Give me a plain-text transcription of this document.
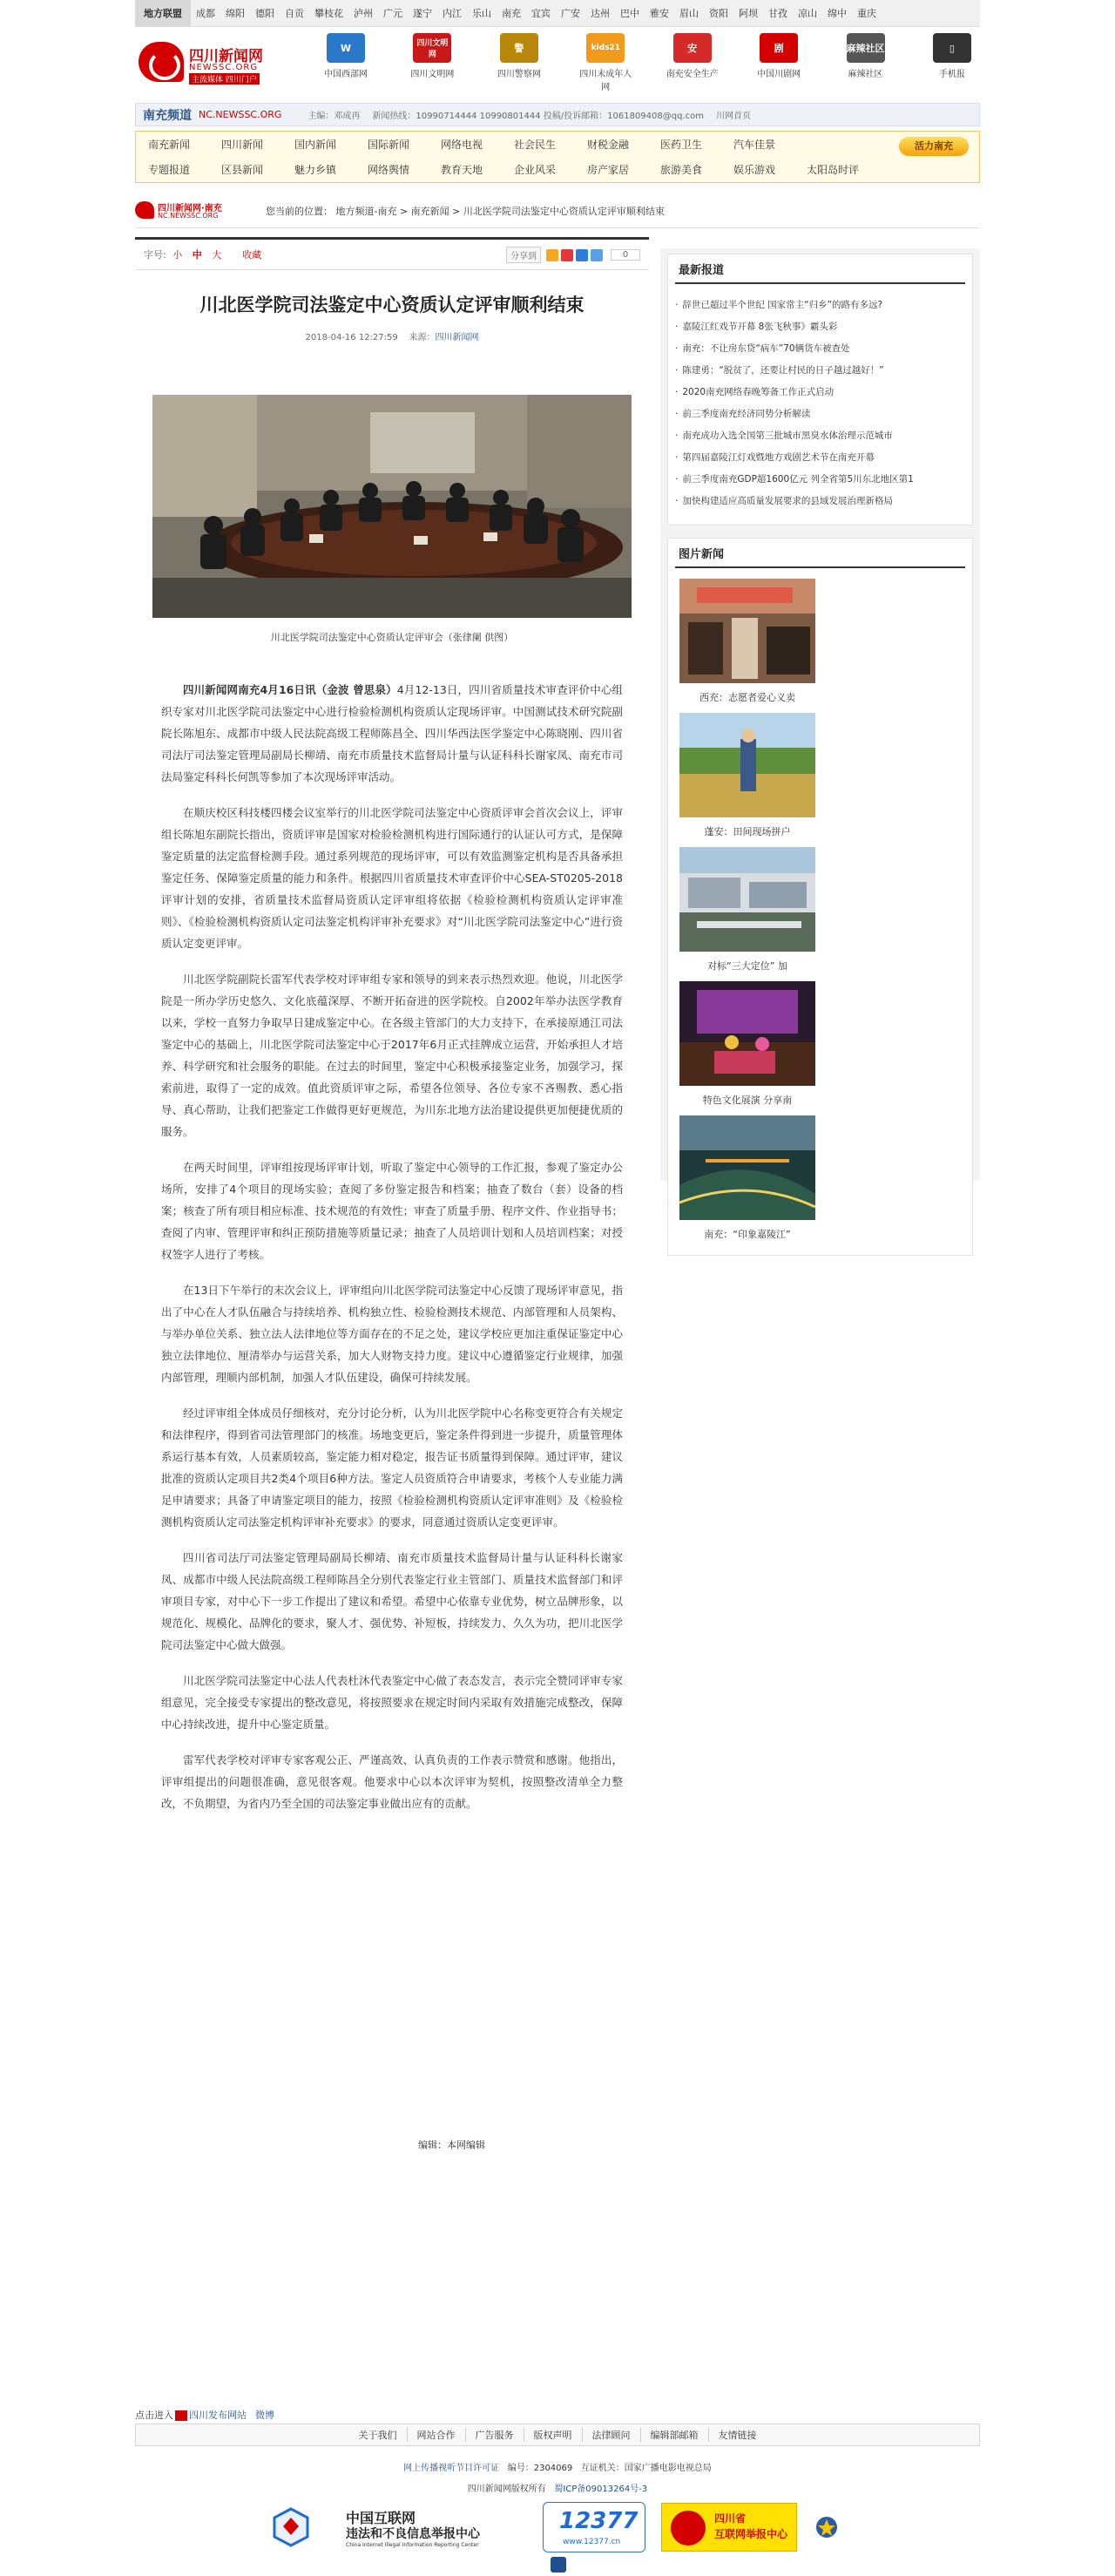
地方联盟	成都	绵阳	德阳	自贡	攀枝花	泸州	广元	遂宁	内江	乐山	南充	宜宾	广安	达州	巴中	雅安	眉山	资阳	阿坝	甘孜	凉山	绵中	重庆
四川新闻网
NEWSSC.ORG
主流媒体 四川门户
W
中国西部网
四川文明网
四川文明网
警
四川警察网
kids21
四川未成年人网
安
南充安全生产
剧
中国川剧网
麻辣社区
麻辣社区
▯
手机报
南充频道 NC.NEWSSC.ORG	主编：邓成再 新闻热线：10990714444 10990801444 投稿/投诉邮箱：1061809408@qq.com 川网首页
南充新闻	四川新闻	国内新闻	国际新闻	网络电视	社会民生	财税金融	医药卫生	汽车佳景
专题报道	区县新闻	魅力乡镇	网络舆情	教育天地	企业风采	房产家居	旅游美食	娱乐游戏	太阳岛时评
活力南充
四川新闻网·南充
NC.NEWSSC.ORG	您当前的位置： 地方频道-南充 > 南充新闻 > 川北医学院司法鉴定中心资质认定评审顺利结束
字号: 小 中 大	收藏	分享到	0
川北医学院司法鉴定中心资质认定评审顺利结束
2018-04-16 12:27:59 来源：四川新闻网
川北医学院司法鉴定中心资质认定评审会（张律阑 供图）

四川新闻网南充4月16日讯（金波 曾思泉）4月12-13日，四川省质量技术审查评价中心组织专家对川北医学院司法鉴定中心进行检验检测机构资质认定现场评审。中国测试技术研究院副院长陈旭东、成都市中级人民法院高级工程师陈昌全、四川华西法医学鉴定中心陈晓刚、四川省司法厅司法鉴定管理局副局长柳靖、南充市质量技术监督局计量与认证科科长谢家凤、南充市司法局鉴定科科长何凯等参加了本次现场评审活动。

在顺庆校区科技楼四楼会议室举行的川北医学院司法鉴定中心资质评审会首次会议上，评审组长陈旭东副院长指出，资质评审是国家对检验检测机构进行国际通行的认证认可方式，是保障鉴定质量的法定监督检测手段。通过系列规范的现场评审，可以有效监测鉴定机构是否具备承担鉴定任务、保障鉴定质量的能力和条件。根据四川省质量技术审查评价中心SEA-ST0205-2018评审计划的安排，省质量技术监督局资质认定评审组将依据《检验检测机构资质认定评审准则》、《检验检测机构资质认定司法鉴定机构评审补充要求》对“川北医学院司法鉴定中心”进行资质认定变更评审。

川北医学院副院长雷军代表学校对评审组专家和领导的到来表示热烈欢迎。他说，川北医学院是一所办学历史悠久、文化底蕴深厚、不断开拓奋进的医学院校。自2002年举办法医学教育以来，学校一直努力争取早日建成鉴定中心。在各级主管部门的大力支持下，在承接原通江司法鉴定中心的基础上，川北医学院司法鉴定中心于2017年6月正式挂牌成立运营，开始承担人才培养、科学研究和社会服务的职能。在过去的时间里，鉴定中心积极承接鉴定业务，加强学习，探索前进，取得了一定的成效。值此资质评审之际，希望各位领导、各位专家不吝赐教、悉心指导、真心帮助，让我们把鉴定工作做得更好更规范，为川东北地方法治建设提供更加便捷优质的服务。

在两天时间里，评审组按现场评审计划，听取了鉴定中心领导的工作汇报，参观了鉴定办公场所，安排了4个项目的现场实验；查阅了多份鉴定报告和档案；抽查了数台（套）设备的档案；核查了所有项目相应标准、技术规范的有效性；审查了质量手册、程序文件、作业指导书；查阅了内审、管理评审和纠正预防措施等质量记录；抽查了人员培训计划和人员培训档案；对授权签字人进行了考核。

在13日下午举行的末次会议上，评审组向川北医学院司法鉴定中心反馈了现场评审意见，指出了中心在人才队伍融合与持续培养、机构独立性、检验检测技术规范、内部管理和人员架构、与举办单位关系、独立法人法律地位等方面存在的不足之处，建议学校应更加注重保证鉴定中心独立法律地位、厘清举办与运营关系，加大人财物支持力度。建议中心遵循鉴定行业规律，加强内部管理，理顺内部机制，加强人才队伍建设，确保可持续发展。

经过评审组全体成员仔细核对，充分讨论分析，认为川北医学院中心名称变更符合有关规定和法律程序，得到省司法管理部门的核准。场地变更后，鉴定条件得到进一步提升，质量管理体系运行基本有效，人员素质较高，鉴定能力相对稳定，报告证书质量得到保障。通过评审，建议批准的资质认定项目共2类4个项目6种方法。鉴定人员资质符合申请要求，考核个人专业能力满足申请要求；具备了申请鉴定项目的能力，按照《检验检测机构资质认定评审准则》及《检验检测机构资质认定司法鉴定机构评审补充要求》的要求，同意通过资质认定变更评审。

四川省司法厅司法鉴定管理局副局长柳靖、南充市质量技术监督局计量与认证科科长谢家凤、成都市中级人民法院高级工程师陈昌全分别代表鉴定行业主管部门、质量技术监督部门和评审项目专家，对中心下一步工作提出了建议和希望。希望中心依靠专业优势，树立品牌形象，以规范化、规模化、品牌化的要求，聚人才、强优势、补短板，持续发力、久久为功，把川北医学院司法鉴定中心做大做强。

川北医学院司法鉴定中心法人代表杜沐代表鉴定中心做了表态发言，表示完全赞同评审专家组意见，完全接受专家提出的整改意见，将按照要求在规定时间内采取有效措施完成整改，保障中心持续改进，提升中心鉴定质量。

雷军代表学校对评审专家客观公正、严谨高效、认真负责的工作表示赞赏和感谢。他指出，评审组提出的问题很准确，意见很客观。他要求中心以本次评审为契机，按照整改清单全力整改，不负期望，为省内乃至全国的司法鉴定事业做出应有的贡献。

编辑：本网编辑
最新报道
· 辞世已超过半个世纪 国家常主“归乡”的路有多远?
· 嘉陵江红戏节开幕 8张飞秋事》霸头彩
· 南充：不让房东贷“病车”70辆货车被查处
· 陈建勇：“脱贫了，还要让村民的日子越过越好！”
· 2020南充网络春晚筹备工作正式启动
· 前三季度南充经济同势分析解读
· 南充成功入选全国第三批城市黑臭水体治理示范城市
· 第四届嘉陵江灯戏暨地方戏剧艺术节在南充开幕
· 前三季度南充GDP超1600亿元 列全省第5川东北地区第1
· 加快构建适应高质量发展要求的县域发展治理新格局
图片新闻
西充：志愿者爱心义卖
蓬安：田间现场拼户
对标“三大定位” 加
特色文化展演 分享南
南充：“印象嘉陵江”
点击进入 四川发布网站 微博
关于我们	网站合作	广告服务	版权声明	法律顾问	编辑部邮箱	友情链接
网上传播视听节目许可证 编号：2304069 互证机关：国家广播电影电视总局
四川新闻网版权所有 蜀ICP备09013264号-3
中国互联网
违法和不良信息举报中心
China Internet Illegal Information Reporting Center
12377
www.12377.cn
四川省
互联网举报中心
